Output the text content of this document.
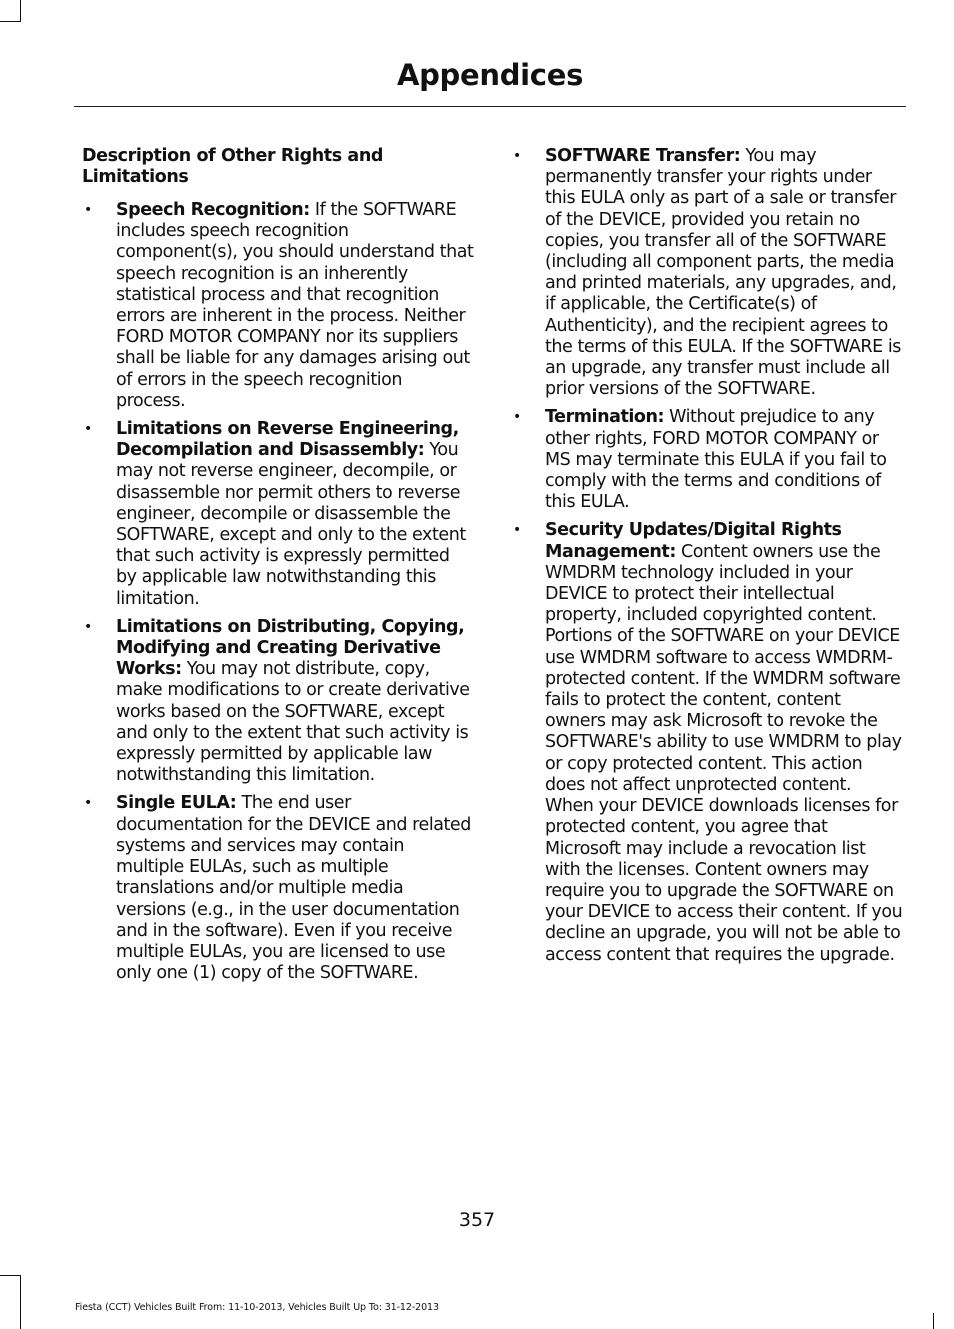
Appendices
Description of Other Rights and Limitations
• Speech Recognition: If the SOFTWARE includes speech recognition component(s), you should understand that speech recognition is an inherently statistical process and that recognition errors are inherent in the process. Neither FORD MOTOR COMPANY nor its suppliers shall be liable for any damages arising out of errors in the speech recognition process.
• Limitations on Reverse Engineering, Decompilation and Disassembly: You may not reverse engineer, decompile, or disassemble nor permit others to reverse engineer, decompile or disassemble the SOFTWARE, except and only to the extent that such activity is expressly permitted by applicable law notwithstanding this limitation.
• Limitations on Distributing, Copying, Modifying and Creating Derivative Works: You may not distribute, copy, make modifications to or create derivative works based on the SOFTWARE, except and only to the extent that such activity is expressly permitted by applicable law notwithstanding this limitation.
• Single EULA: The end user documentation for the DEVICE and related systems and services may contain multiple EULAs, such as multiple translations and/or multiple media versions (e.g., in the user documentation and in the software). Even if you receive multiple EULAs, you are licensed to use only one (1) copy of the SOFTWARE.
• SOFTWARE Transfer: You may permanently transfer your rights under this EULA only as part of a sale or transfer of the DEVICE, provided you retain no copies, you transfer all of the SOFTWARE (including all component parts, the media and printed materials, any upgrades, and, if applicable, the Certificate(s) of Authenticity), and the recipient agrees to the terms of this EULA. If the SOFTWARE is an upgrade, any transfer must include all prior versions of the SOFTWARE.
• Termination: Without prejudice to any other rights, FORD MOTOR COMPANY or MS may terminate this EULA if you fail to comply with the terms and conditions of this EULA.
• Security Updates/Digital Rights Management: Content owners use the WMDRM technology included in your DEVICE to protect their intellectual property, included copyrighted content. Portions of the SOFTWARE on your DEVICE use WMDRM software to access WMDRM-protected content. If the WMDRM software fails to protect the content, content owners may ask Microsoft to revoke the SOFTWARE's ability to use WMDRM to play or copy protected content. This action does not affect unprotected content. When your DEVICE downloads licenses for protected content, you agree that Microsoft may include a revocation list with the licenses. Content owners may require you to upgrade the SOFTWARE on your DEVICE to access their content. If you decline an upgrade, you will not be able to access content that requires the upgrade.
357
Fiesta (CCT) Vehicles Built From: 11-10-2013, Vehicles Built Up To: 31-12-2013
